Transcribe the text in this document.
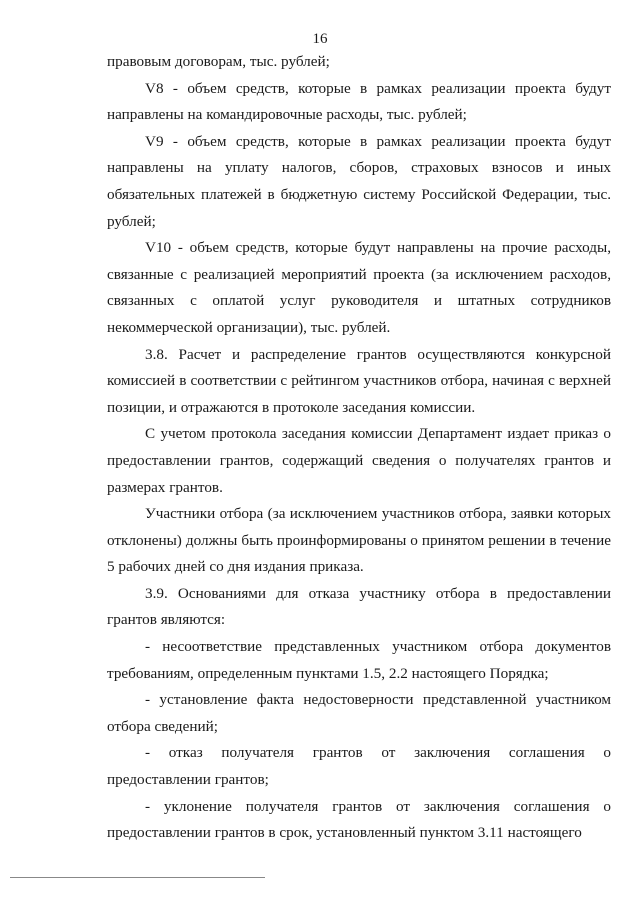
16

правовым договорам, тыс. рублей;

V8 - объем средств, которые в рамках реализации проекта будут направлены на командировочные расходы, тыс. рублей;

V9 - объем средств, которые в рамках реализации проекта будут направлены на уплату налогов, сборов, страховых взносов и иных обязательных платежей в бюджетную систему Российской Федерации, тыс. рублей;

V10 - объем средств, которые будут направлены на прочие расходы, связанные с реализацией мероприятий проекта (за исключением расходов, связанных с оплатой услуг руководителя и штатных сотрудников некоммерческой организации), тыс. рублей.

3.8. Расчет и распределение грантов осуществляются конкурсной комиссией в соответствии с рейтингом участников отбора, начиная с верхней позиции, и отражаются в протоколе заседания комиссии.

С учетом протокола заседания комиссии Департамент издает приказ о предоставлении грантов, содержащий сведения о получателях грантов и размерах грантов.

Участники отбора (за исключением участников отбора, заявки которых отклонены) должны быть проинформированы о принятом решении в течение 5 рабочих дней со дня издания приказа.

3.9. Основаниями для отказа участнику отбора в предоставлении грантов являются:

- несоответствие представленных участником отбора документов требованиям, определенным пунктами 1.5, 2.2 настоящего Порядка;

- установление факта недостоверности представленной участником отбора сведений;

- отказ получателя грантов от заключения соглашения о предоставлении грантов;

- уклонение получателя грантов от заключения соглашения о предоставлении грантов в срок, установленный пунктом 3.11 настоящего
